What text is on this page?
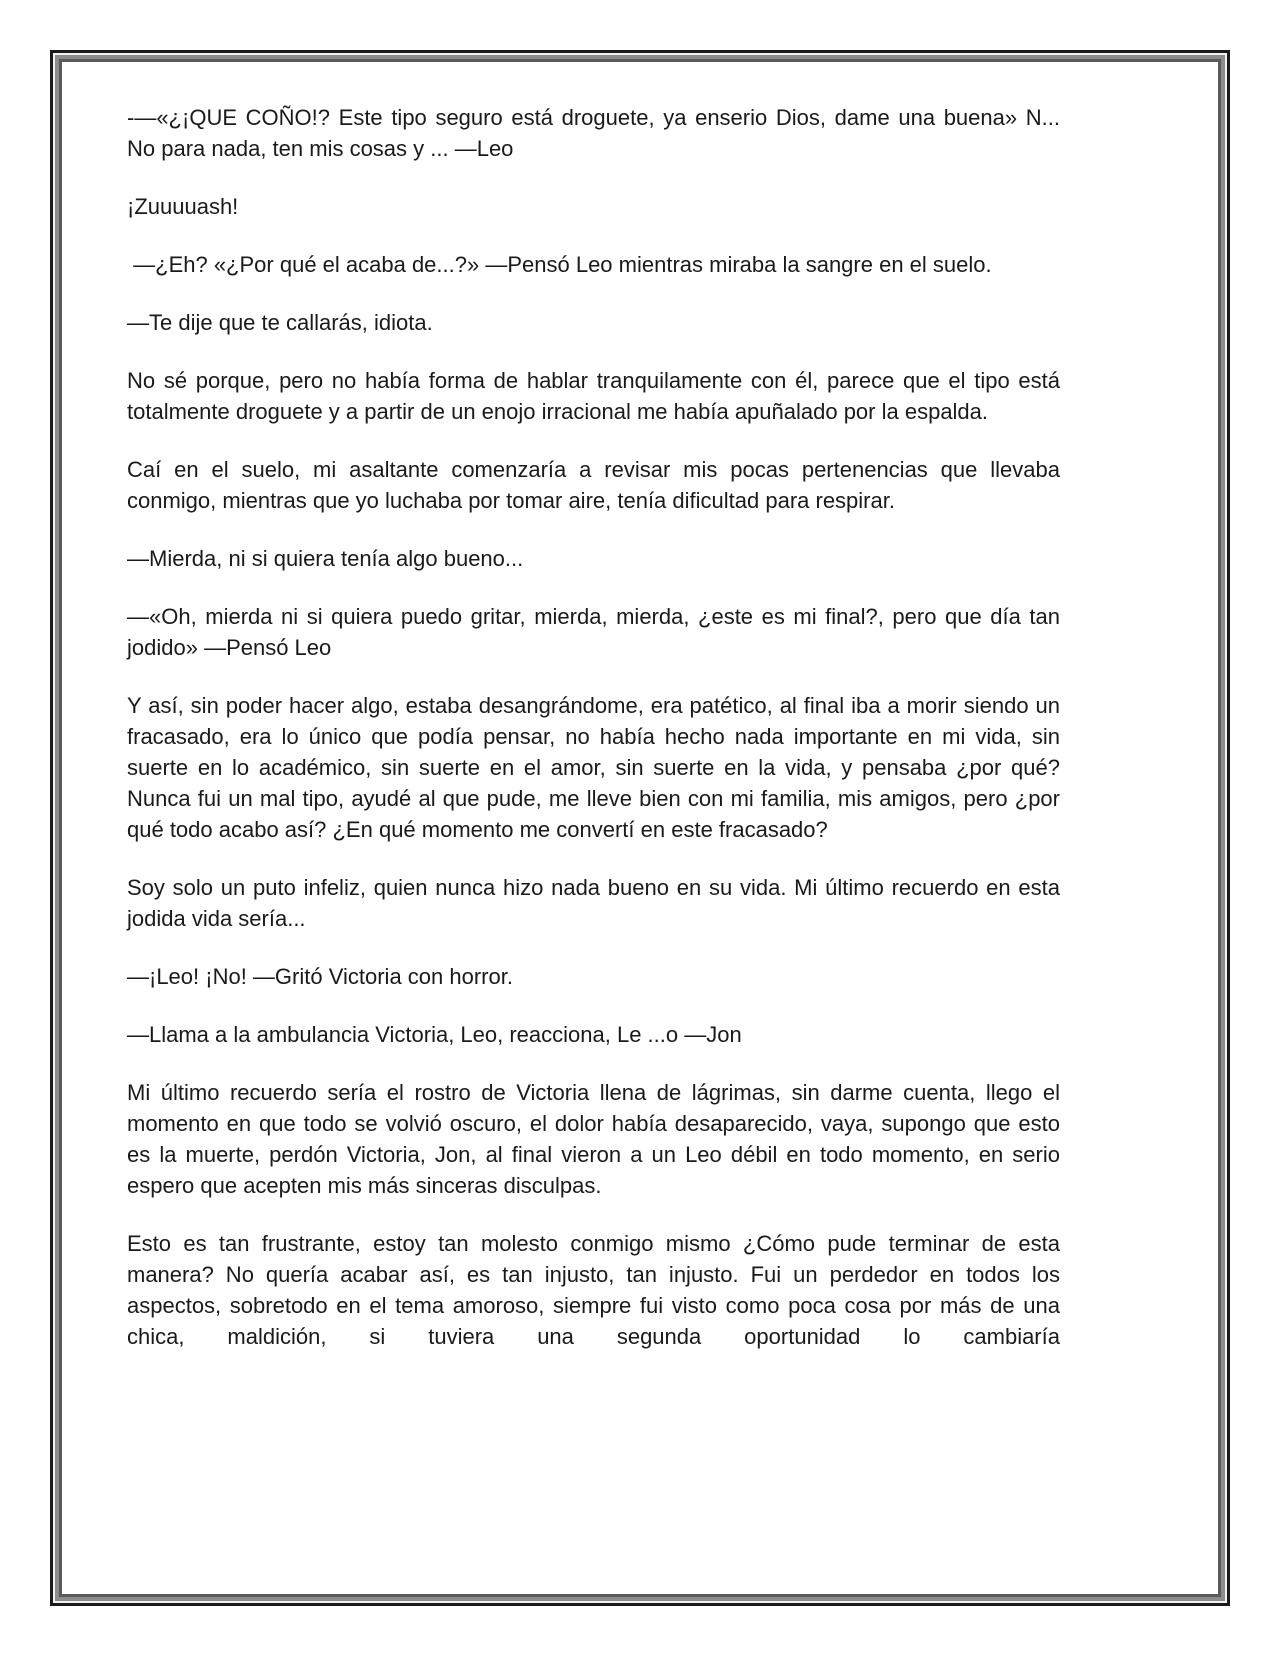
-—«¿¡QUE COÑO!? Este tipo seguro está droguete, ya enserio Dios, dame una buena» N... No para nada, ten mis cosas y ... —Leo

¡Zuuuuash!

—¿Eh? «¿Por qué el acaba de...?» —Pensó Leo mientras miraba la sangre en el suelo.

—Te dije que te callarás, idiota.

No sé porque, pero no había forma de hablar tranquilamente con él, parece que el tipo está totalmente droguete y a partir de un enojo irracional me había apuñalado por la espalda.

Caí en el suelo, mi asaltante comenzaría a revisar mis pocas pertenencias que llevaba conmigo, mientras que yo luchaba por tomar aire, tenía dificultad para respirar.

—Mierda, ni si quiera tenía algo bueno...

—«Oh, mierda ni si quiera puedo gritar, mierda, mierda, ¿este es mi final?, pero que día tan jodido» —Pensó Leo

Y así, sin poder hacer algo, estaba desangrándome, era patético, al final iba a morir siendo un fracasado, era lo único que podía pensar, no había hecho nada importante en mi vida, sin suerte en lo académico, sin suerte en el amor, sin suerte en la vida, y pensaba ¿por qué? Nunca fui un mal tipo, ayudé al que pude, me lleve bien con mi familia, mis amigos, pero ¿por qué todo acabo así? ¿En qué momento me convertí en este fracasado?

Soy solo un puto infeliz, quien nunca hizo nada bueno en su vida. Mi último recuerdo en esta jodida vida sería...

—¡Leo! ¡No! —Gritó Victoria con horror.

—Llama a la ambulancia Victoria, Leo, reacciona, Le ...o —Jon

Mi último recuerdo sería el rostro de Victoria llena de lágrimas, sin darme cuenta, llego el momento en que todo se volvió oscuro, el dolor había desaparecido, vaya, supongo que esto es la muerte, perdón Victoria, Jon, al final vieron a un Leo débil en todo momento, en serio espero que acepten mis más sinceras disculpas.

Esto es tan frustrante, estoy tan molesto conmigo mismo ¿Cómo pude terminar de esta manera? No quería acabar así, es tan injusto, tan injusto. Fui un perdedor en todos los aspectos, sobretodo en el tema amoroso, siempre fui visto como poca cosa por más de una chica, maldición, si tuviera una segunda oportunidad lo cambiaría
